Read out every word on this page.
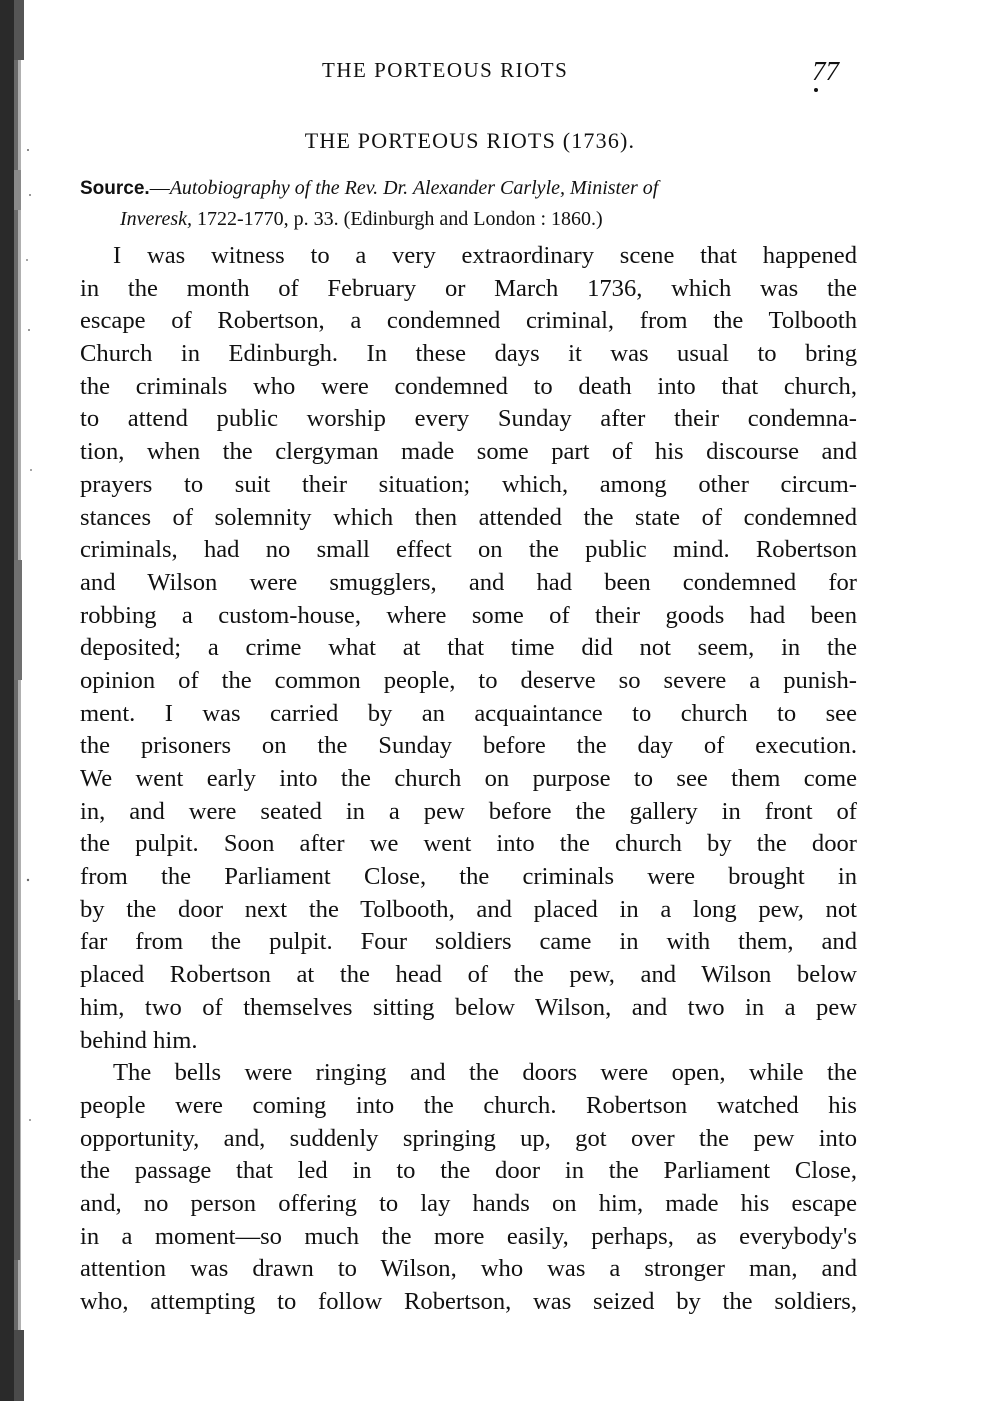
THE PORTEOUS RIOTS	77
THE PORTEOUS RIOTS (1736).
Source.—Autobiography of the Rev. Dr. Alexander Carlyle, Minister of
Inveresk, 1722-1770, p. 33. (Edinburgh and London : 1860.)

I was witness to a very extraordinary scene that happened
in the month of February or March 1736, which was the
escape of Robertson, a condemned criminal, from the Tolbooth
Church in Edinburgh. In these days it was usual to bring
the criminals who were condemned to death into that church,
to attend public worship every Sunday after their condemna-
tion, when the clergyman made some part of his discourse and
prayers to suit their situation; which, among other circum-
stances of solemnity which then attended the state of condemned
criminals, had no small effect on the public mind. Robertson
and Wilson were smugglers, and had been condemned for
robbing a custom-house, where some of their goods had been
deposited; a crime what at that time did not seem, in the
opinion of the common people, to deserve so severe a punish-
ment. I was carried by an acquaintance to church to see
the prisoners on the Sunday before the day of execution.
We went early into the church on purpose to see them come
in, and were seated in a pew before the gallery in front of
the pulpit. Soon after we went into the church by the door
from the Parliament Close, the criminals were brought in
by the door next the Tolbooth, and placed in a long pew, not
far from the pulpit. Four soldiers came in with them, and
placed Robertson at the head of the pew, and Wilson below
him, two of themselves sitting below Wilson, and two in a pew
behind him.

The bells were ringing and the doors were open, while the
people were coming into the church. Robertson watched his
opportunity, and, suddenly springing up, got over the pew into
the passage that led in to the door in the Parliament Close,
and, no person offering to lay hands on him, made his escape
in a moment—so much the more easily, perhaps, as everybody's
attention was drawn to Wilson, who was a stronger man, and
who, attempting to follow Robertson, was seized by the soldiers,
